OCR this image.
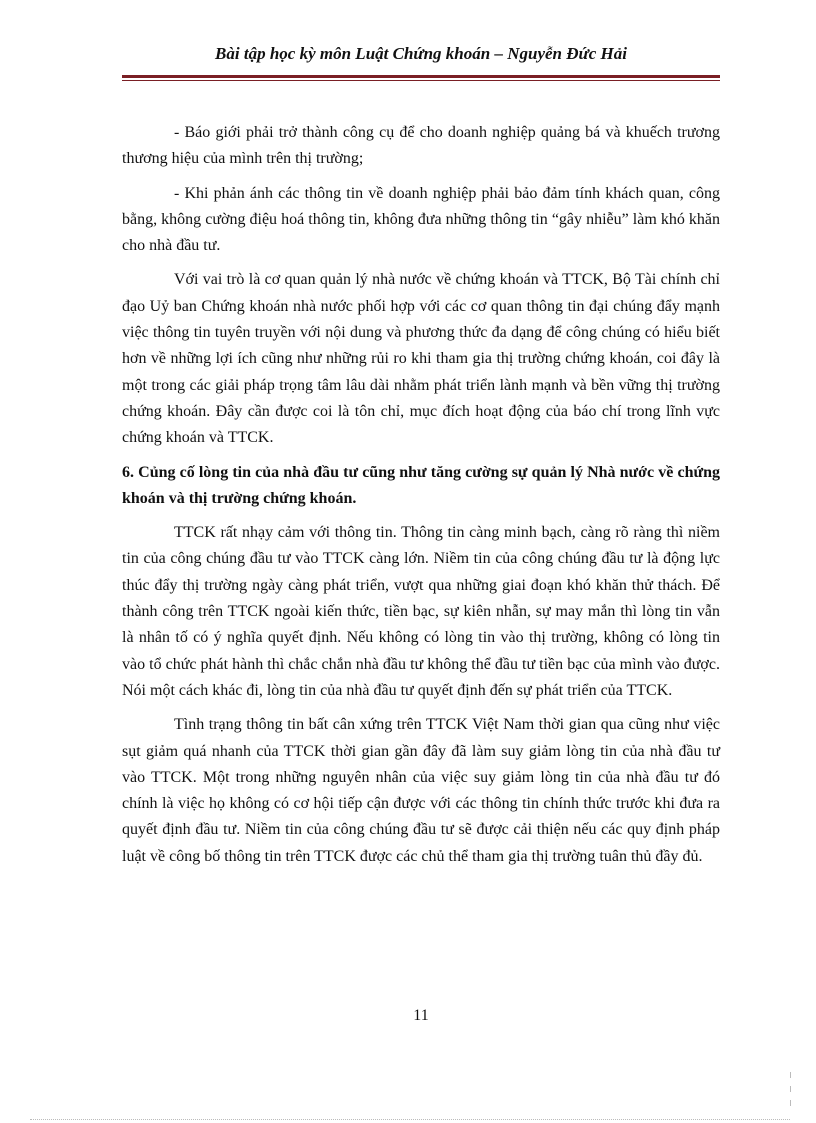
Bài tập học kỳ môn Luật Chứng khoán – Nguyễn Đức Hải

- Báo giới phải trở thành công cụ để cho doanh nghiệp quảng bá và khuếch trương thương hiệu của mình trên thị trường;

- Khi phản ánh các thông tin về doanh nghiệp phải bảo đảm tính khách quan, công bằng, không cường điệu hoá thông tin, không đưa những thông tin “gây nhiễu” làm khó khăn cho nhà đầu tư.

Với vai trò là cơ quan quản lý nhà nước về chứng khoán và TTCK, Bộ Tài chính chỉ đạo Uỷ ban Chứng khoán nhà nước phối hợp với các cơ quan thông tin đại chúng đẩy mạnh việc thông tin tuyên truyền với nội dung và phương thức đa dạng để công chúng có hiểu biết hơn về những lợi ích cũng như những rủi ro khi tham gia thị trường chứng khoán, coi đây là một trong các giải pháp trọng tâm lâu dài nhằm phát triển lành mạnh và bền vững thị trường chứng khoán. Đây cần được coi là tôn chỉ, mục đích hoạt động của báo chí trong lĩnh vực chứng khoán và TTCK.

6. Củng cố lòng tin của nhà đầu tư cũng như tăng cường sự quản lý Nhà nước về chứng khoán và thị trường chứng khoán.

TTCK rất nhạy cảm với thông tin. Thông tin càng minh bạch, càng rõ ràng thì niềm tin của công chúng đầu tư vào TTCK càng lớn. Niềm tin của công chúng đầu tư là động lực thúc đẩy thị trường ngày càng phát triển, vượt qua những giai đoạn khó khăn thử thách. Để thành công trên TTCK ngoài kiến thức, tiền bạc, sự kiên nhẫn, sự may mắn thì lòng tin vẫn là nhân tố có ý nghĩa quyết định. Nếu không có lòng tin vào thị trường, không có lòng tin vào tổ chức phát hành thì chắc chắn nhà đầu tư không thể đầu tư tiền bạc của mình vào được. Nói một cách khác đi, lòng tin của nhà đầu tư quyết định đến sự phát triển của TTCK.

Tình trạng thông tin bất cân xứng trên TTCK Việt Nam thời gian qua cũng như việc sụt giảm quá nhanh của TTCK thời gian gần đây đã làm suy giảm lòng tin của nhà đầu tư vào TTCK. Một trong những nguyên nhân của việc suy giảm lòng tin của nhà đầu tư đó chính là việc họ không có cơ hội tiếp cận được với các thông tin chính thức trước khi đưa ra quyết định đầu tư. Niềm tin của công chúng đầu tư sẽ được cải thiện nếu các quy định pháp luật về công bố thông tin trên TTCK được các chủ thể tham gia thị trường tuân thủ đầy đủ.

11
